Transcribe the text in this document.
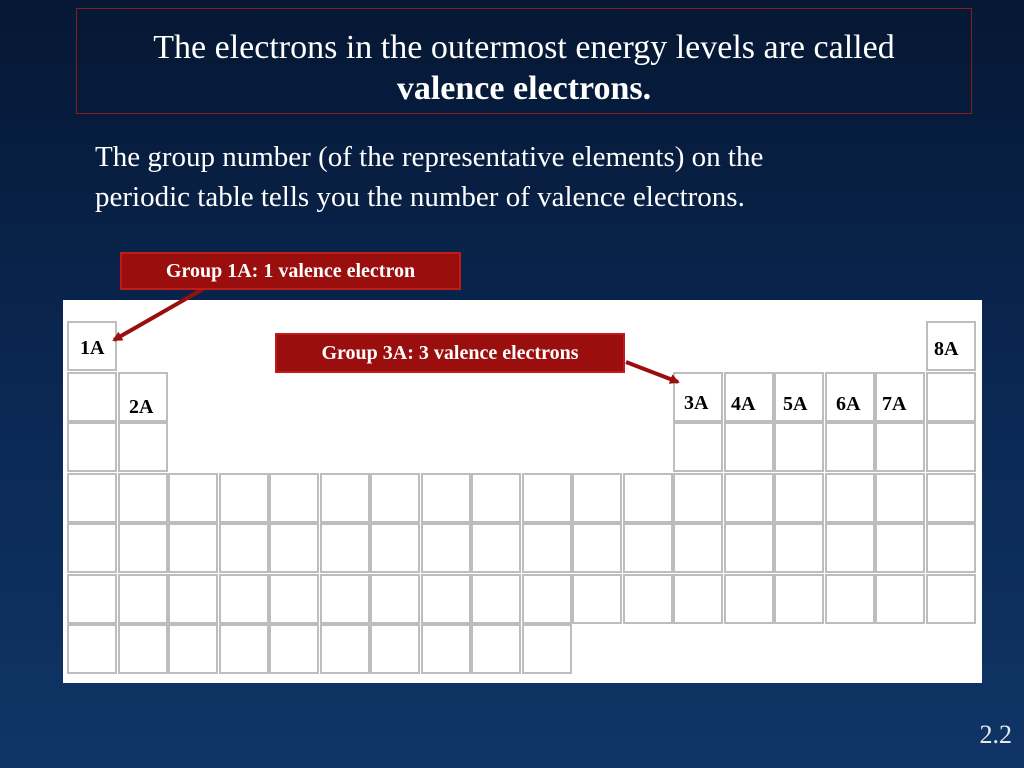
The electrons in the outermost energy levels are called
valence electrons.
The group number (of the representative elements) on the
periodic table tells you the number of valence electrons.
1A
2A	3A 4A 5A 6A 7A
8A
Group 1A: 1 valence electron
Group 3A: 3 valence electrons
2.2
